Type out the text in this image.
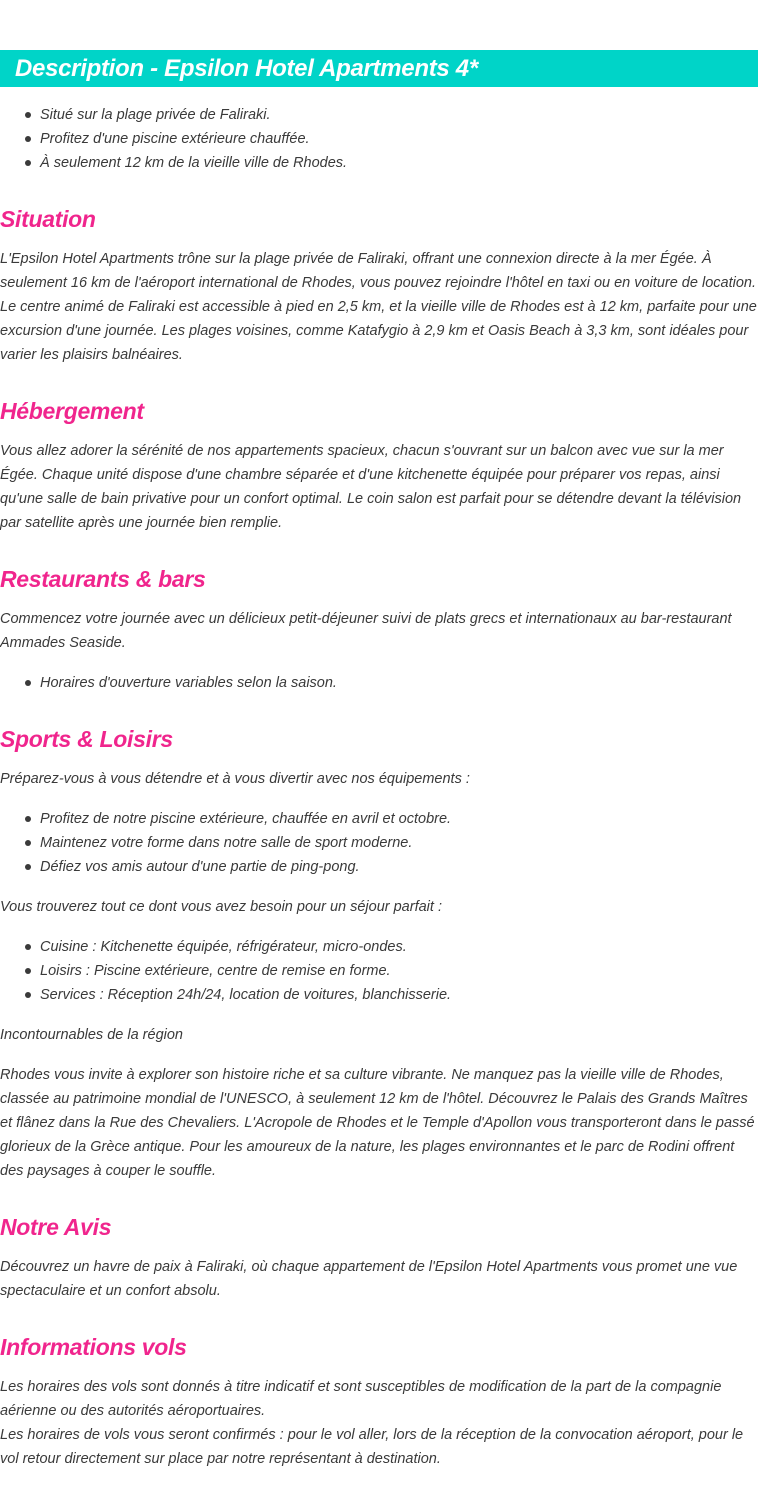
Description - Epsilon Hotel Apartments 4*
Situé sur la plage privée de Faliraki.
Profitez d'une piscine extérieure chauffée.
À seulement 12 km de la vieille ville de Rhodes.
Situation

L'Epsilon Hotel Apartments trône sur la plage privée de Faliraki, offrant une connexion directe à la mer Égée. À seulement 16 km de l'aéroport international de Rhodes, vous pouvez rejoindre l'hôtel en taxi ou en voiture de location. Le centre animé de Faliraki est accessible à pied en 2,5 km, et la vieille ville de Rhodes est à 12 km, parfaite pour une excursion d'une journée. Les plages voisines, comme Katafygio à 2,9 km et Oasis Beach à 3,3 km, sont idéales pour varier les plaisirs balnéaires.

Hébergement

Vous allez adorer la sérénité de nos appartements spacieux, chacun s'ouvrant sur un balcon avec vue sur la mer Égée. Chaque unité dispose d'une chambre séparée et d'une kitchenette équipée pour préparer vos repas, ainsi qu'une salle de bain privative pour un confort optimal. Le coin salon est parfait pour se détendre devant la télévision par satellite après une journée bien remplie.

Restaurants & bars

Commencez votre journée avec un délicieux petit-déjeuner suivi de plats grecs et internationaux au bar-restaurant Ammades Seaside.

Horaires d'ouverture variables selon la saison.
Sports & Loisirs

Préparez-vous à vous détendre et à vous divertir avec nos équipements :

Profitez de notre piscine extérieure, chauffée en avril et octobre.
Maintenez votre forme dans notre salle de sport moderne.
Défiez vos amis autour d'une partie de ping-pong.

Vous trouverez tout ce dont vous avez besoin pour un séjour parfait :

Cuisine : Kitchenette équipée, réfrigérateur, micro-ondes.
Loisirs : Piscine extérieure, centre de remise en forme.
Services : Réception 24h/24, location de voitures, blanchisserie.

Incontournables de la région

Rhodes vous invite à explorer son histoire riche et sa culture vibrante. Ne manquez pas la vieille ville de Rhodes, classée au patrimoine mondial de l'UNESCO, à seulement 12 km de l'hôtel. Découvrez le Palais des Grands Maîtres et flânez dans la Rue des Chevaliers. L'Acropole de Rhodes et le Temple d'Apollon vous transporteront dans le passé glorieux de la Grèce antique. Pour les amoureux de la nature, les plages environnantes et le parc de Rodini offrent des paysages à couper le souffle.

Notre Avis

Découvrez un havre de paix à Faliraki, où chaque appartement de l'Epsilon Hotel Apartments vous promet une vue spectaculaire et un confort absolu.

Informations vols

Les horaires des vols sont donnés à titre indicatif et sont susceptibles de modification de la part de la compagnie aérienne ou des autorités aéroportuaires.

Les horaires de vols vous seront confirmés : pour le vol aller, lors de la réception de la convocation aéroport, pour le vol retour directement sur place par notre représentant à destination.
